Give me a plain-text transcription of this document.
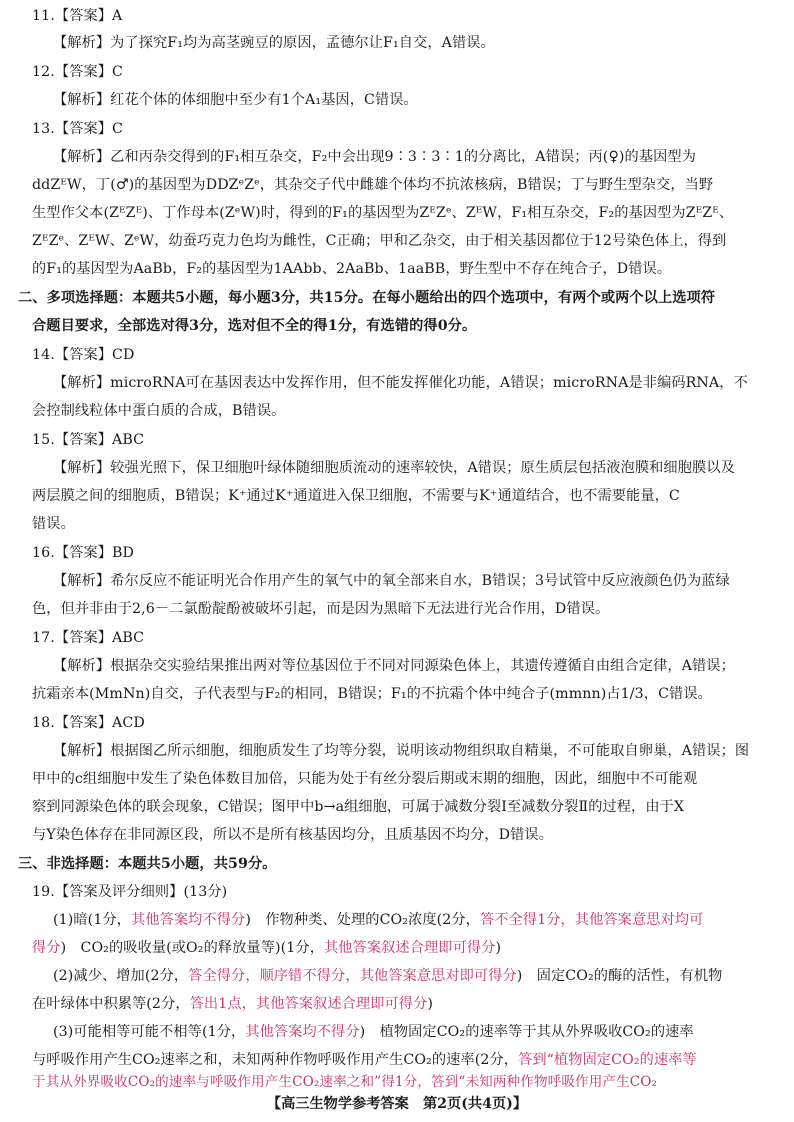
11.【答案】A
【解析】为了探究F₁均为高茎豌豆的原因，孟德尔让F₁自交，A错误。
12.【答案】C
【解析】红花个体的体细胞中至少有1个A₁基因，C错误。
13.【答案】C
【解析】乙和丙杂交得到的F₁相互杂交，F₂中会出现9∶3∶3∶1的分离比，A错误；丙(♀)的基因型为
ddZᴱW，丁(♂)的基因型为DDZᵉZᵉ，其杂交子代中雌雄个体均不抗浓核病，B错误；丁与野生型杂交，当野
生型作父本(ZᴱZᴱ)、丁作母本(ZᵉW)时，得到的F₁的基因型为ZᴱZᵉ、ZᴱW，F₁相互杂交，F₂的基因型为ZᴱZᴱ、
ZᴱZᵉ、ZᴱW、ZᵉW，幼蚕巧克力色均为雌性，C正确；甲和乙杂交，由于相关基因都位于12号染色体上，得到
的F₁的基因型为AaBb，F₂的基因型为1AAbb、2AaBb、1aaBB，野生型中不存在纯合子，D错误。
二、多项选择题：本题共5小题，每小题3分，共15分。在每小题给出的四个选项中，有两个或两个以上选项符
合题目要求，全部选对得3分，选对但不全的得1分，有选错的得0分。
14.【答案】CD
【解析】microRNA可在基因表达中发挥作用，但不能发挥催化功能，A错误；microRNA是非编码RNA，不
会控制线粒体中蛋白质的合成，B错误。
15.【答案】ABC
【解析】较强光照下，保卫细胞叶绿体随细胞质流动的速率较快，A错误；原生质层包括液泡膜和细胞膜以及
两层膜之间的细胞质，B错误；K⁺通过K⁺通道进入保卫细胞，不需要与K⁺通道结合，也不需要能量，C
错误。
16.【答案】BD
【解析】希尔反应不能证明光合作用产生的氧气中的氧全部来自水，B错误；3号试管中反应液颜色仍为蓝绿
色，但并非由于2,6－二氯酚靛酚被破坏引起，而是因为黑暗下无法进行光合作用，D错误。
17.【答案】ABC
【解析】根据杂交实验结果推出两对等位基因位于不同对同源染色体上，其遗传遵循自由组合定律，A错误；
抗霜亲本(MmNn)自交，子代表型与F₂的相同，B错误；F₁的不抗霜个体中纯合子(mmnn)占1/3，C错误。
18.【答案】ACD
【解析】根据图乙所示细胞，细胞质发生了均等分裂，说明该动物组织取自精巢，不可能取自卵巢，A错误；图
甲中的c组细胞中发生了染色体数目加倍，只能为处于有丝分裂后期或末期的细胞，因此，细胞中不可能观
察到同源染色体的联会现象，C错误；图甲中b→a组细胞，可属于减数分裂Ⅰ至减数分裂Ⅱ的过程，由于X
与Y染色体存在非同源区段，所以不是所有核基因均分，且质基因不均分，D错误。
三、非选择题：本题共5小题，共59分。
19.【答案及评分细则】(13分)
(1)暗(1分，其他答案均不得分)　作物种类、处理的CO₂浓度(2分，答不全得1分，其他答案意思对均可
得分)　CO₂的吸收量(或O₂的释放量等)(1分，其他答案叙述合理即可得分)
(2)减少、增加(2分，答全得分，顺序错不得分，其他答案意思对即可得分)　固定CO₂的酶的活性，有机物
在叶绿体中积累等(2分，答出1点，其他答案叙述合理即可得分)
(3)可能相等可能不相等(1分，其他答案均不得分)　植物固定CO₂的速率等于其从外界吸收CO₂的速率
与呼吸作用产生CO₂速率之和，未知两种作物呼吸作用产生CO₂的速率(2分，答到“植物固定CO₂的速率等
于其从外界吸收CO₂的速率与呼吸作用产生CO₂速率之和”得1分，答到“未知两种作物呼吸作用产生CO₂
【高三生物学参考答案　第2页(共4页)】
